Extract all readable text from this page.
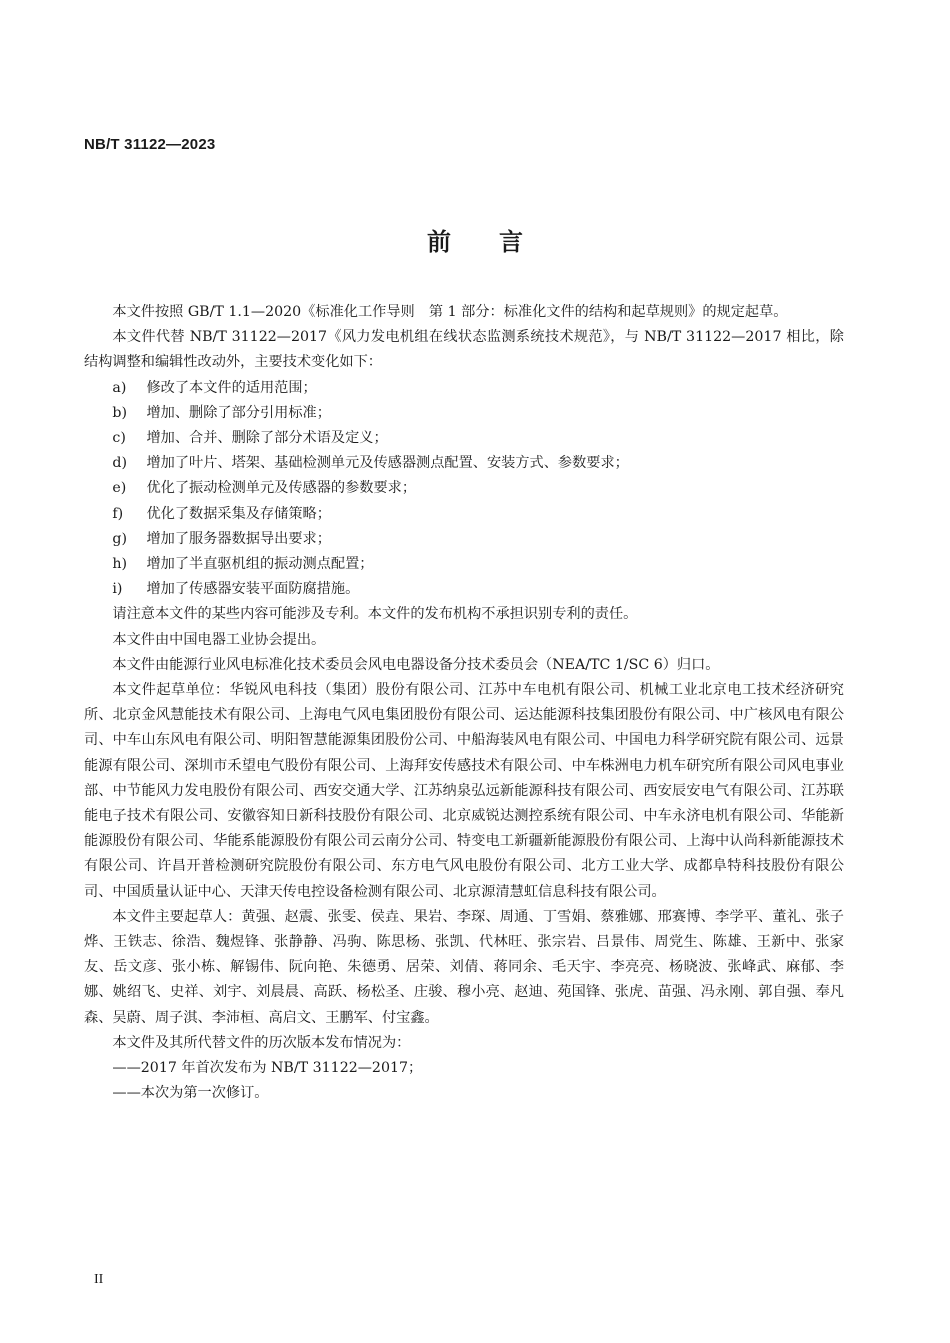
NB/T 31122—2023
前言

本文件按照 GB/T 1.1—2020《标准化工作导则　第 1 部分：标准化文件的结构和起草规则》的规定起草。

本文件代替 NB/T 31122—2017《风力发电机组在线状态监测系统技术规范》，与 NB/T 31122—2017 相比，除结构调整和编辑性改动外，主要技术变化如下：

a)	修改了本文件的适用范围；
b)	增加、删除了部分引用标准；
c)	增加、合并、删除了部分术语及定义；
d)	增加了叶片、塔架、基础检测单元及传感器测点配置、安装方式、参数要求；
e)	优化了振动检测单元及传感器的参数要求；
f)	优化了数据采集及存储策略；
g)	增加了服务器数据导出要求；
h)	增加了半直驱机组的振动测点配置；
i)	增加了传感器安装平面防腐措施。

请注意本文件的某些内容可能涉及专利。本文件的发布机构不承担识别专利的责任。

本文件由中国电器工业协会提出。

本文件由能源行业风电标准化技术委员会风电电器设备分技术委员会（NEA/TC 1/SC 6）归口。

本文件起草单位：华锐风电科技（集团）股份有限公司、江苏中车电机有限公司、机械工业北京电工技术经济研究所、北京金风慧能技术有限公司、上海电气风电集团股份有限公司、运达能源科技集团股份有限公司、中广核风电有限公司、中车山东风电有限公司、明阳智慧能源集团股份公司、中船海装风电有限公司、中国电力科学研究院有限公司、远景能源有限公司、深圳市禾望电气股份有限公司、上海拜安传感技术有限公司、中车株洲电力机车研究所有限公司风电事业部、中节能风力发电股份有限公司、西安交通大学、江苏纳泉弘远新能源科技有限公司、西安辰安电气有限公司、江苏联能电子技术有限公司、安徽容知日新科技股份有限公司、北京威锐达测控系统有限公司、中车永济电机有限公司、华能新能源股份有限公司、华能系能源股份有限公司云南分公司、特变电工新疆新能源股份有限公司、上海中认尚科新能源技术有限公司、许昌开普检测研究院股份有限公司、东方电气风电股份有限公司、北方工业大学、成都阜特科技股份有限公司、中国质量认证中心、天津天传电控设备检测有限公司、北京源清慧虹信息科技有限公司。

本文件主要起草人：黄强、赵震、张雯、侯垚、果岩、李琛、周通、丁雪娟、蔡雅娜、邢赛博、李学平、董礼、张子烨、王铁志、徐浩、魏煜锋、张静静、冯驹、陈思杨、张凯、代林旺、张宗岩、吕景伟、周党生、陈雄、王新中、张家友、岳文彦、张小栋、解锡伟、阮向艳、朱德勇、居荣、刘倩、蒋同余、毛天宇、李亮亮、杨晓波、张峰武、麻郁、李娜、姚绍飞、史祥、刘宇、刘晨晨、高跃、杨松圣、庄骏、穆小亮、赵迪、苑国锋、张虎、苗强、冯永刚、郭自强、奉凡森、吴蔚、周子淇、李沛桓、高启文、王鹏军、付宝鑫。

本文件及其所代替文件的历次版本发布情况为：

——2017 年首次发布为 NB/T 31122—2017；

——本次为第一次修订。

II
